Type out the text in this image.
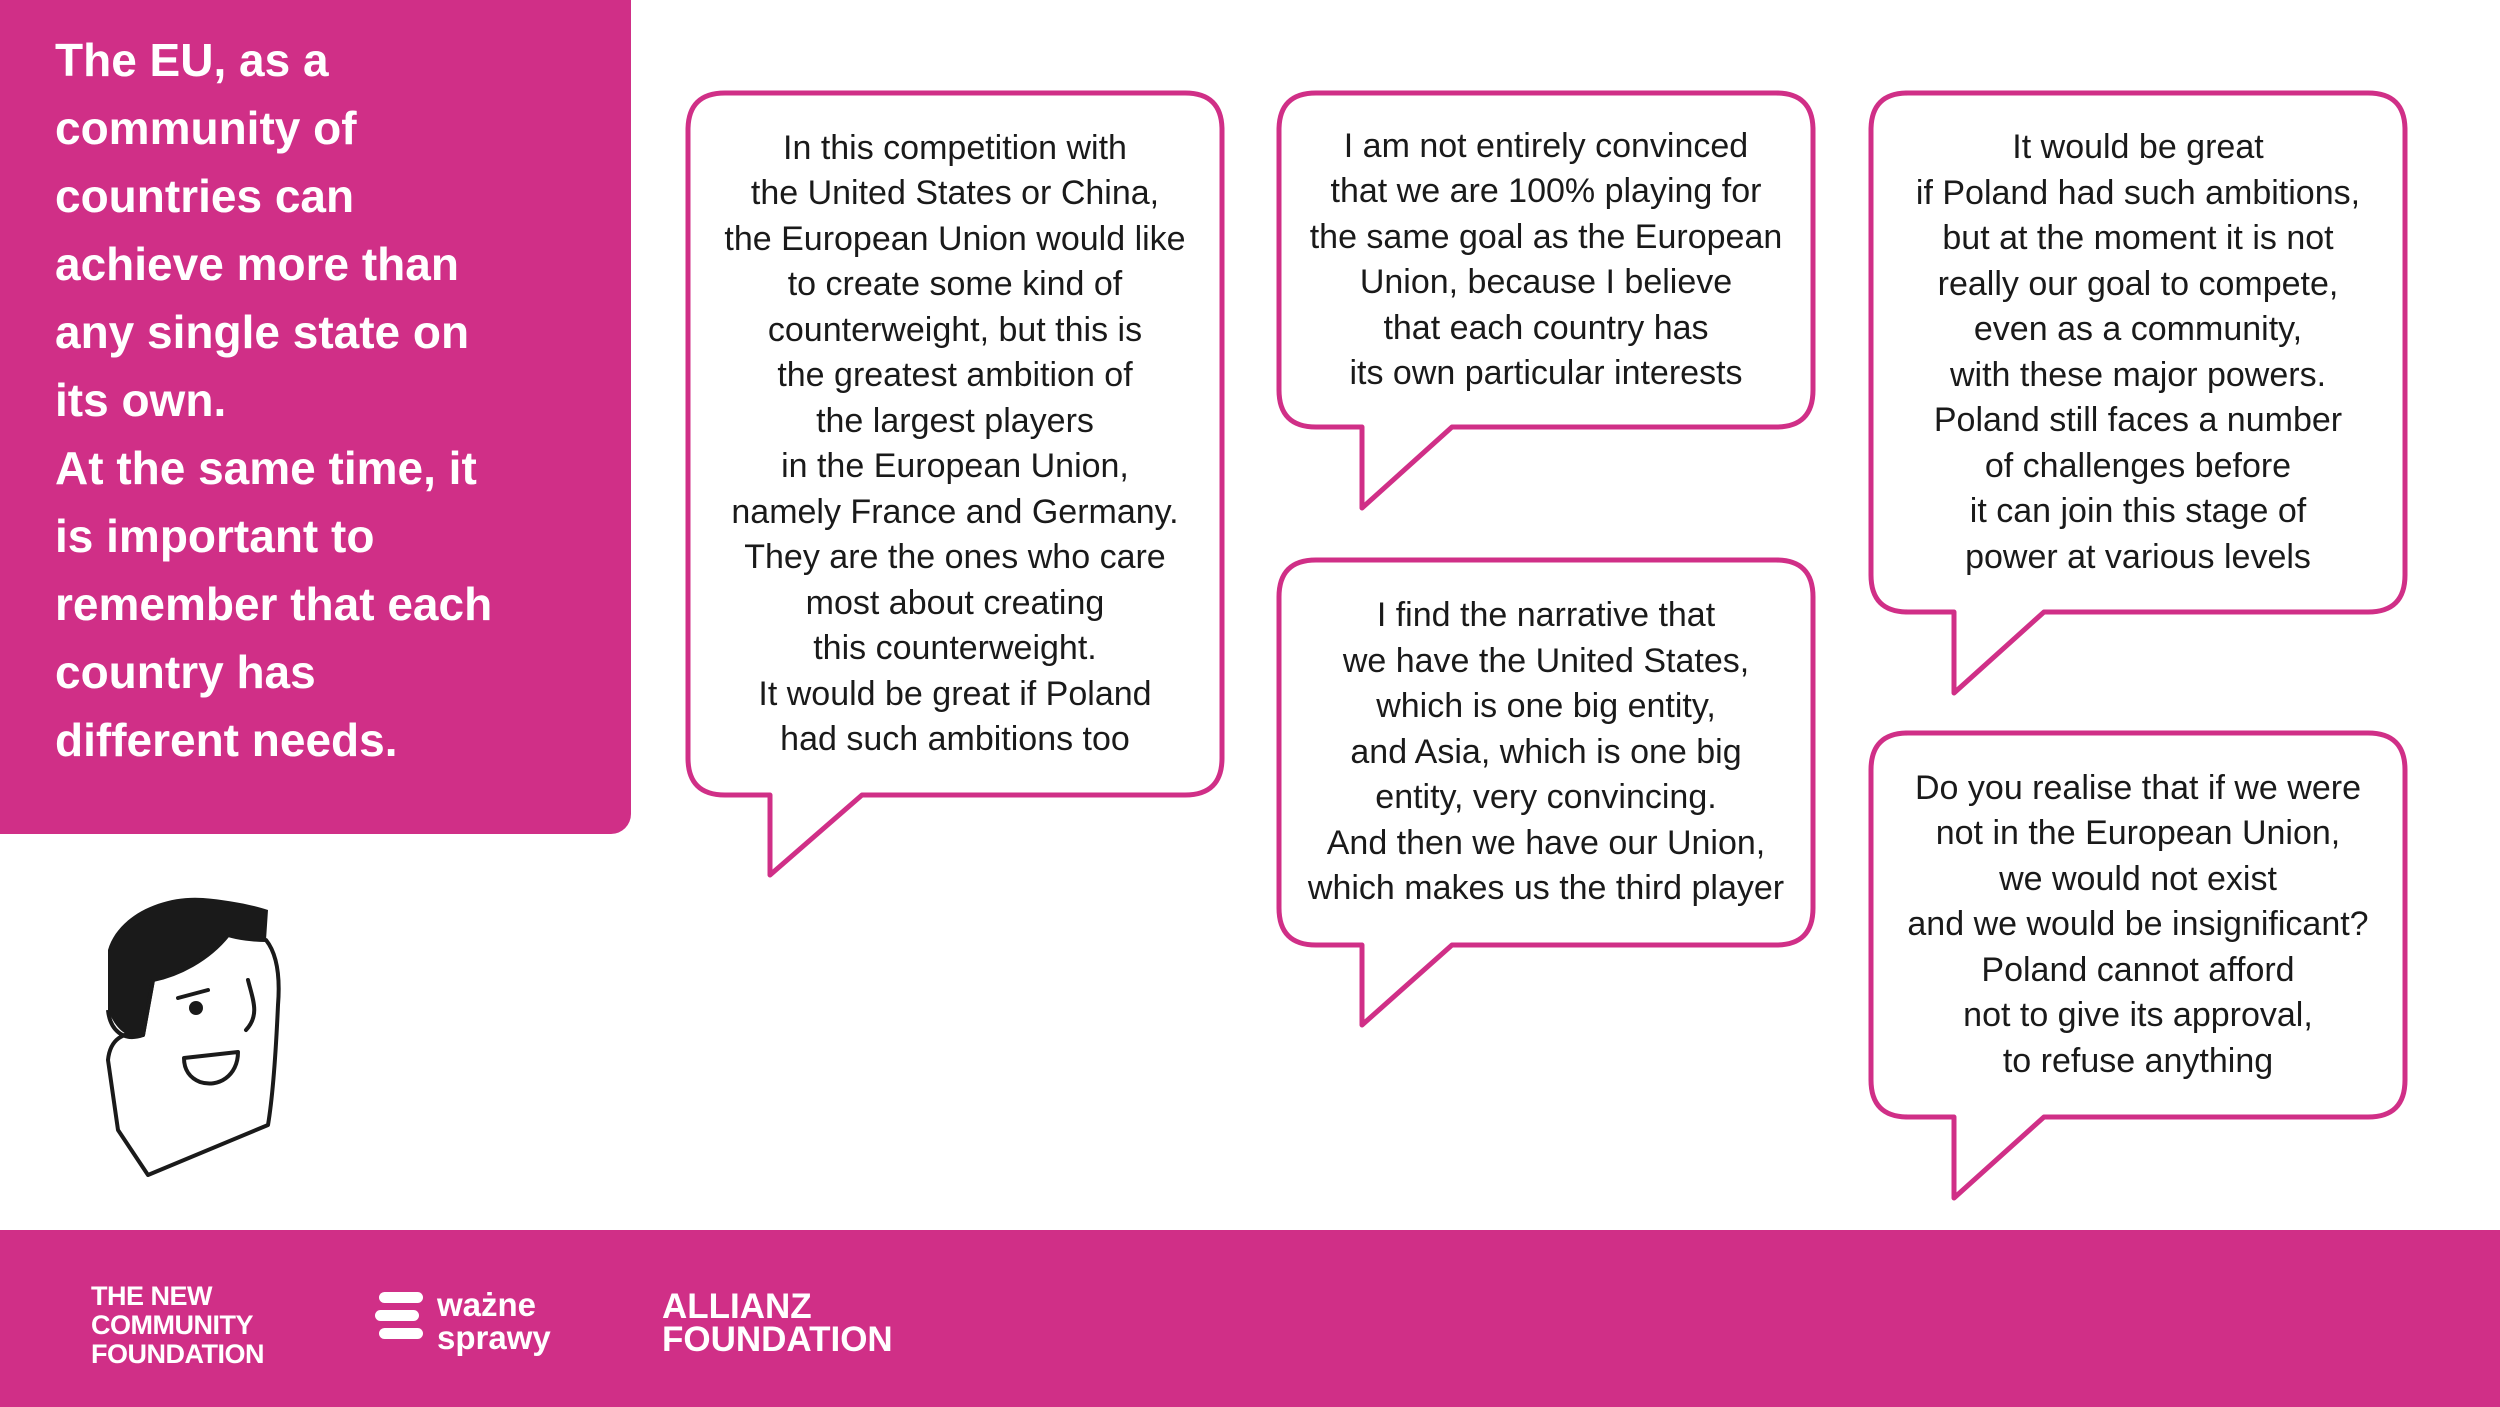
The EU, as a
community of
countries can
achieve more than
any single state on
its own.
At the same time, it
is important to
remember that each
country has
different needs.

In this competition with
the United States or China,
the European Union would like
to create some kind of
counterweight, but this is
the greatest ambition of
the largest players
in the European Union,
namely France and Germany.
They are the ones who care
most about creating
this counterweight.
It would be great if Poland
had such ambitions too

I am not entirely convinced
that we are 100% playing for
the same goal as the European
Union, because I believe
that each country has
its own particular interests

I find the narrative that
we have the United States,
which is one big entity,
and Asia, which is one big
entity, very convincing.
And then we have our Union,
which makes us the third player

It would be great
if Poland had such ambitions,
but at the moment it is not
really our goal to compete,
even as a community,
with these major powers.
Poland still faces a number
of challenges before
it can join this stage of
power at various levels

Do you realise that if we were
not in the European Union,
we would not exist
and we would be insignificant?
Poland cannot afford
not to give its approval,
to refuse anything

THE NEW
COMMUNITY
FOUNDATION
ważne
sprawy
ALLIANZ
FOUNDATION
